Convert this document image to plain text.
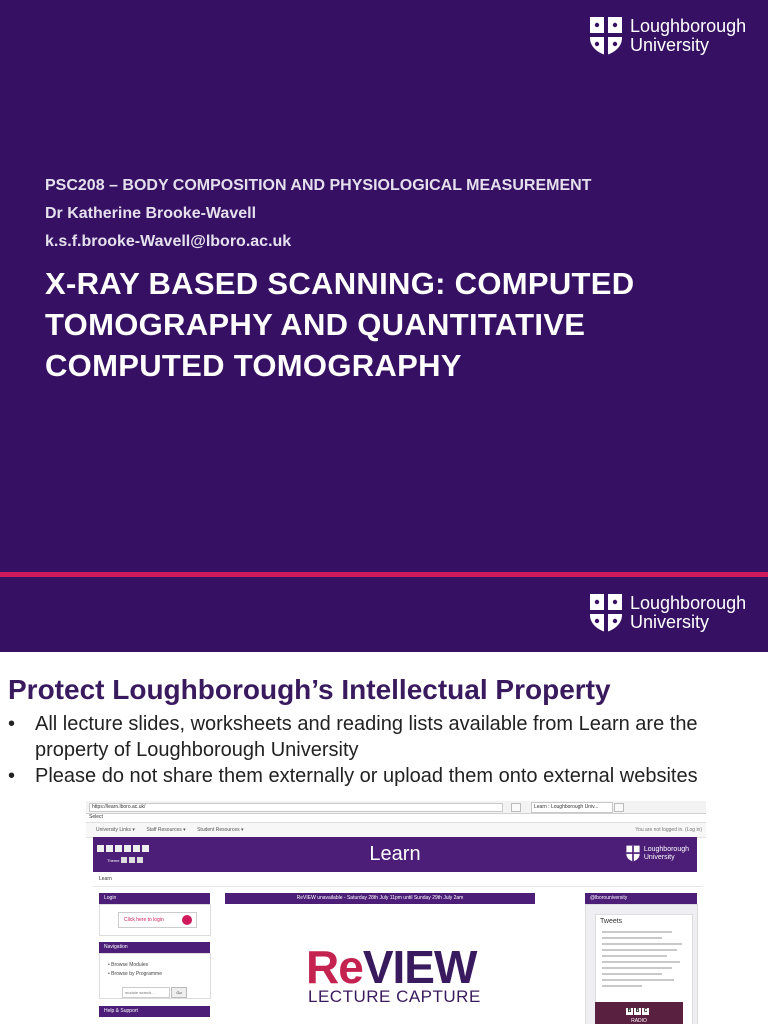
Loughborough
University
PSC208 – BODY COMPOSITION AND PHYSIOLOGICAL MEASUREMENT
Dr Katherine Brooke-Wavell
k.s.f.brooke-Wavell@lboro.ac.uk
X-RAY BASED SCANNING: COMPUTED TOMOGRAPHY AND QUANTITATIVE COMPUTED TOMOGRAPHY
Loughborough
University
Protect Loughborough’s Intellectual Property
• All lecture slides, worksheets and reading lists available from Learn are the property of Loughborough University
• Please do not share them externally or upload them onto external websites
https://learn.lboro.ac.uk/	Learn : Loughborough Univ...
Select
University Links ▾ Staff Resources ▾ Student Resources ▾	You are not logged in. (Log in)
Theme	Learn	Loughborough
University
Learn
Login
Click here to login
Navigation
• Browse Modules
• Browse by Programme
module search...	Go
Help & Support
ReVIEW unavailable - Saturday 28th July 11pm until Sunday 29th July 2am
ReVIEW
LECTURE CAPTURE
@lborouniversity
Tweets
B B C
RADIO
